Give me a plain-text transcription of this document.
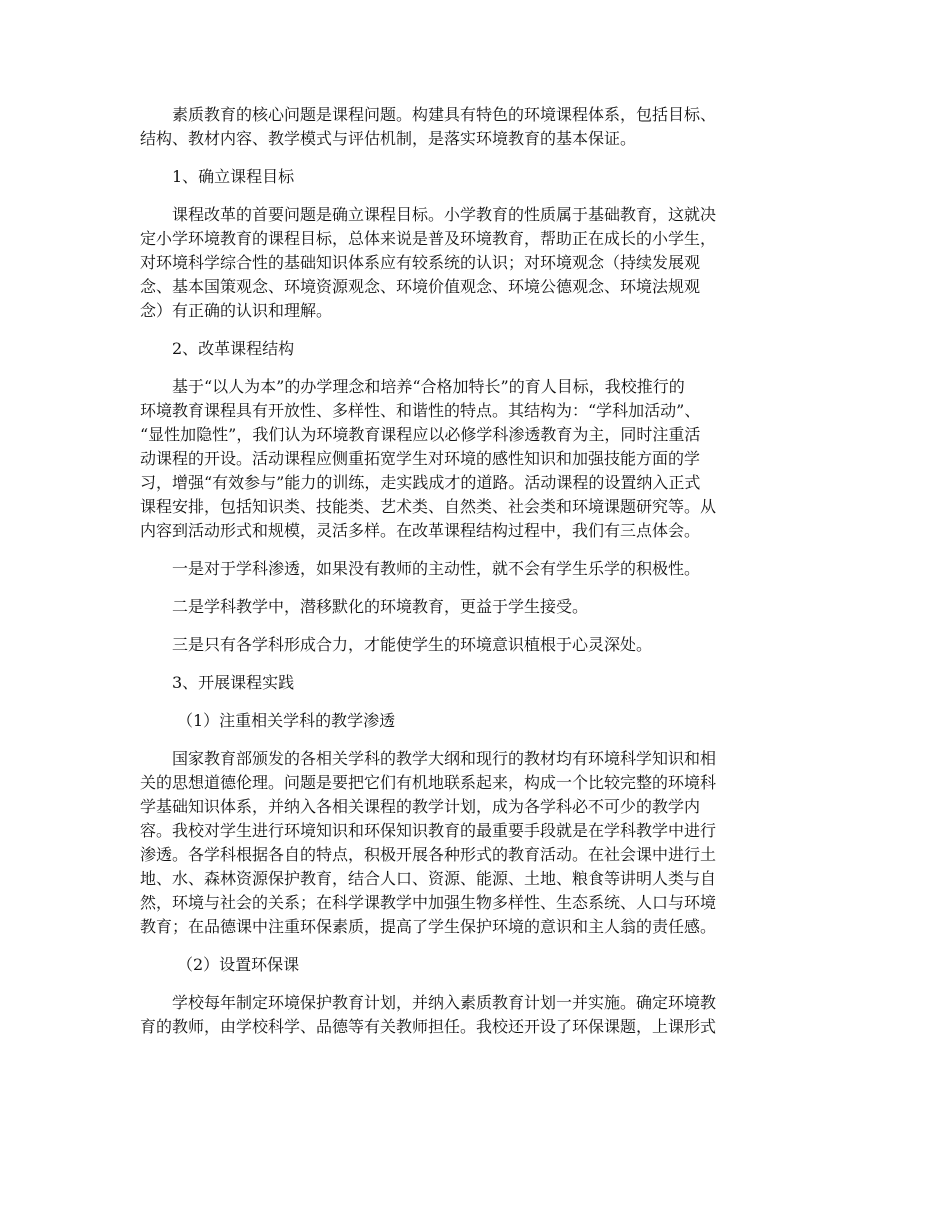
素质教育的核心问题是课程问题。构建具有特色的环境课程体系，包括目标、
结构、教材内容、教学模式与评估机制，是落实环境教育的基本保证。

1、确立课程目标

课程改革的首要问题是确立课程目标。小学教育的性质属于基础教育，这就决
定小学环境教育的课程目标，总体来说是普及环境教育，帮助正在成长的小学生，
对环境科学综合性的基础知识体系应有较系统的认识；对环境观念（持续发展观
念、基本国策观念、环境资源观念、环境价值观念、环境公德观念、环境法规观
念）有正确的认识和理解。

2、改革课程结构

基于“以人为本”的办学理念和培养“合格加特长”的育人目标，我校推行的
环境教育课程具有开放性、多样性、和谐性的特点。其结构为：“学科加活动”、
“显性加隐性”，我们认为环境教育课程应以必修学科渗透教育为主，同时注重活
动课程的开设。活动课程应侧重拓宽学生对环境的感性知识和加强技能方面的学
习，增强“有效参与”能力的训练，走实践成才的道路。活动课程的设置纳入正式
课程安排，包括知识类、技能类、艺术类、自然类、社会类和环境课题研究等。从
内容到活动形式和规模，灵活多样。在改革课程结构过程中，我们有三点体会。

一是对于学科渗透，如果没有教师的主动性，就不会有学生乐学的积极性。

二是学科教学中，潜移默化的环境教育，更益于学生接受。

三是只有各学科形成合力，才能使学生的环境意识植根于心灵深处。

3、开展课程实践

（1）注重相关学科的教学渗透

国家教育部颁发的各相关学科的教学大纲和现行的教材均有环境科学知识和相
关的思想道德伦理。问题是要把它们有机地联系起来，构成一个比较完整的环境科
学基础知识体系，并纳入各相关课程的教学计划，成为各学科必不可少的教学内
容。我校对学生进行环境知识和环保知识教育的最重要手段就是在学科教学中进行
渗透。各学科根据各自的特点，积极开展各种形式的教育活动。在社会课中进行土
地、水、森林资源保护教育，结合人口、资源、能源、土地、粮食等讲明人类与自
然，环境与社会的关系；在科学课教学中加强生物多样性、生态系统、人口与环境
教育；在品德课中注重环保素质，提高了学生保护环境的意识和主人翁的责任感。

（2）设置环保课

学校每年制定环境保护教育计划，并纳入素质教育计划一并实施。确定环境教
育的教师，由学校科学、品德等有关教师担任。我校还开设了环保课题，上课形式
